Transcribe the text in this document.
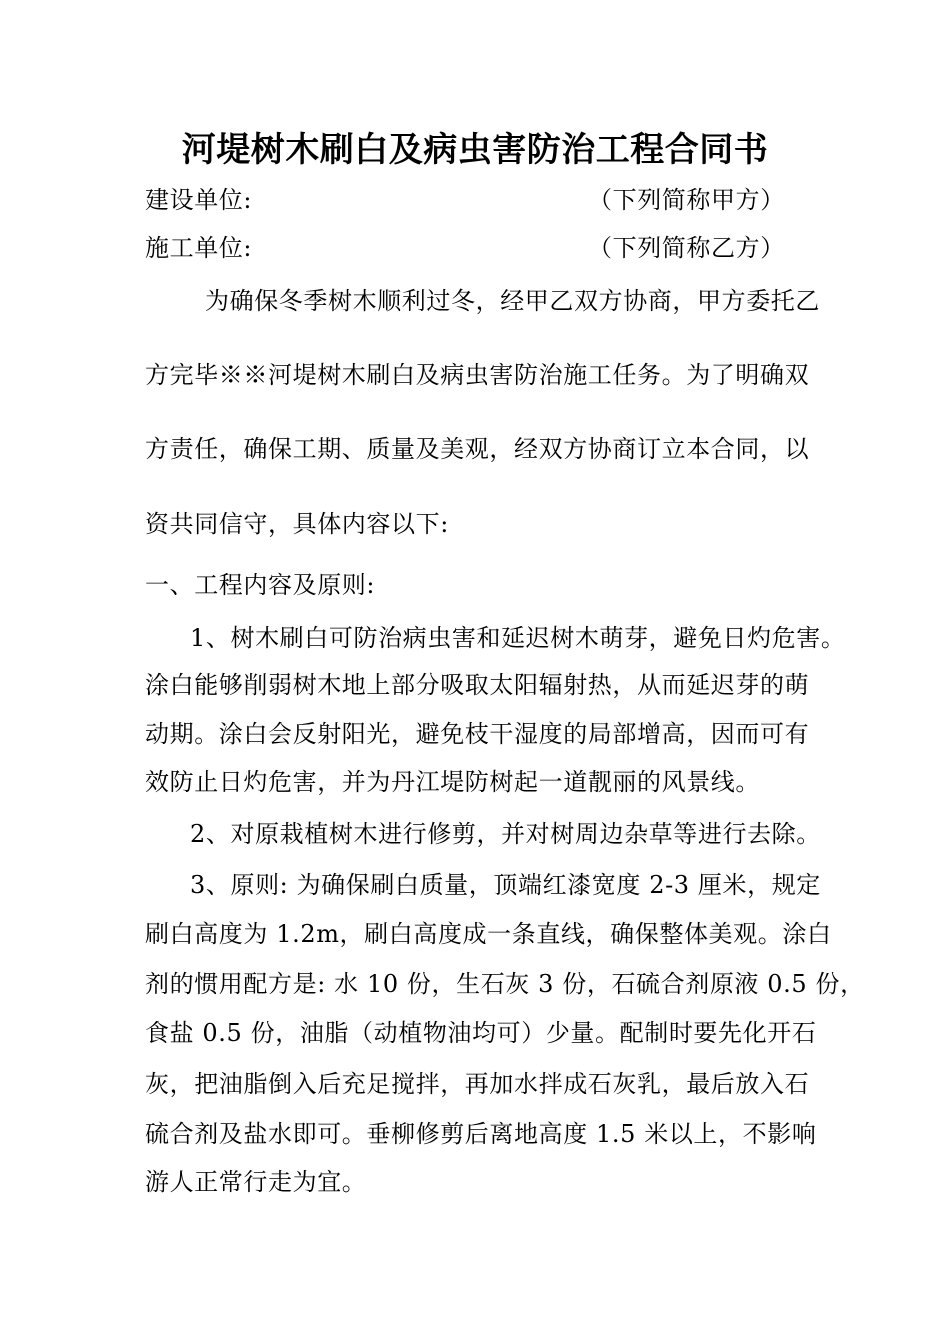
河堤树木刷白及病虫害防治工程合同书
建设单位:	（下列简称甲方）
施工单位:	（下列简称乙方）
为确保冬季树木顺利过冬，经甲乙双方协商，甲方委托乙
方完毕※※河堤树木刷白及病虫害防治施工任务。为了明确双
方责任，确保工期、质量及美观，经双方协商订立本合同，以
资共同信守，具体内容以下:
一、工程内容及原则:
1、树木刷白可防治病虫害和延迟树木萌芽，避免日灼危害。
涂白能够削弱树木地上部分吸取太阳辐射热，从而延迟芽的萌
动期。涂白会反射阳光，避免枝干湿度的局部增高，因而可有
效防止日灼危害，并为丹江堤防树起一道靓丽的风景线。
2、对原栽植树木进行修剪，并对树周边杂草等进行去除。
3、原则: 为确保刷白质量，顶端红漆宽度 2-3 厘米，规定
刷白高度为 1.2m，刷白高度成一条直线，确保整体美观。涂白
剂的惯用配方是: 水 10 份，生石灰 3 份，石硫合剂原液 0.5 份，
食盐 0.5 份，油脂（动植物油均可）少量。配制时要先化开石
灰，把油脂倒入后充足搅拌，再加水拌成石灰乳，最后放入石
硫合剂及盐水即可。垂柳修剪后离地高度 1.5 米以上，不影响
游人正常行走为宜。
